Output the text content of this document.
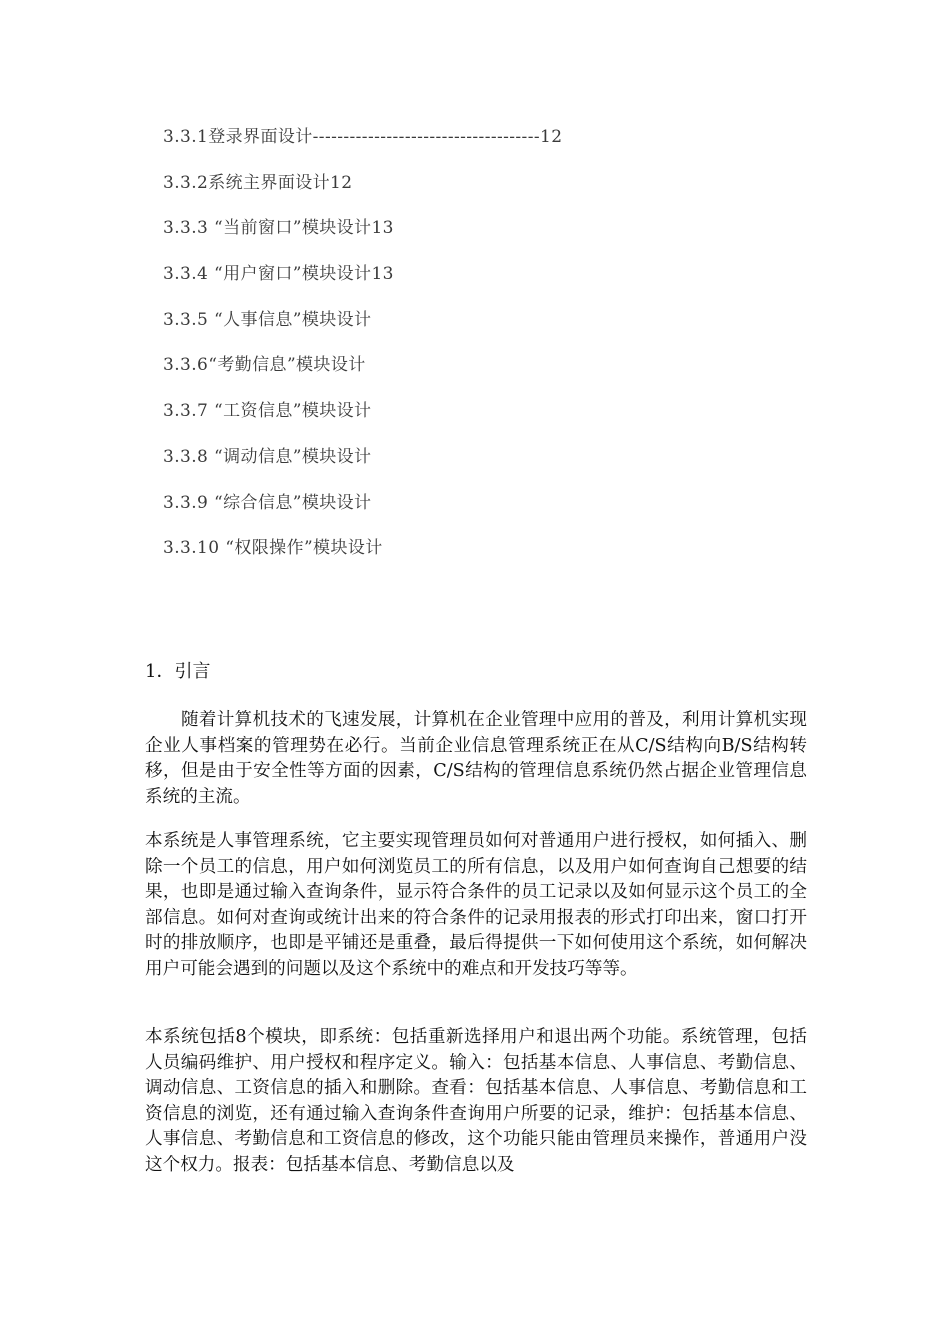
3.3.1登录界面设计-------------------------------------12
3.3.2系统主界面设计12
3.3.3 “当前窗口”模块设计13
3.3.4 “用户窗口”模块设计13
3.3.5 “人事信息”模块设计
3.3.6“考勤信息”模块设计
3.3.7 “工资信息”模块设计
3.3.8 “调动信息”模块设计
3.3.9 “综合信息”模块设计
3.3.10 “权限操作”模块设计
1．引言

随着计算机技术的飞速发展，计算机在企业管理中应用的普及，利用计算机实现企业人事档案的管理势在必行。当前企业信息管理系统正在从C/S结构向B/S结构转移，但是由于安全性等方面的因素，C/S结构的管理信息系统仍然占据企业管理信息系统的主流。

本系统是人事管理系统，它主要实现管理员如何对普通用户进行授权，如何插入、删除一个员工的信息，用户如何浏览员工的所有信息，以及用户如何查询自己想要的结果，也即是通过输入查询条件，显示符合条件的员工记录以及如何显示这个员工的全部信息。如何对查询或统计出来的符合条件的记录用报表的形式打印出来，窗口打开时的排放顺序，也即是平铺还是重叠，最后得提供一下如何使用这个系统，如何解决用户可能会遇到的问题以及这个系统中的难点和开发技巧等等。

本系统包括8个模块，即系统：包括重新选择用户和退出两个功能。系统管理，包括人员编码维护、用户授权和程序定义。输入：包括基本信息、人事信息、考勤信息、调动信息、工资信息的插入和删除。查看：包括基本信息、人事信息、考勤信息和工资信息的浏览，还有通过输入查询条件查询用户所要的记录，维护：包括基本信息、人事信息、考勤信息和工资信息的修改，这个功能只能由管理员来操作，普通用户没这个权力。报表：包括基本信息、考勤信息以及
